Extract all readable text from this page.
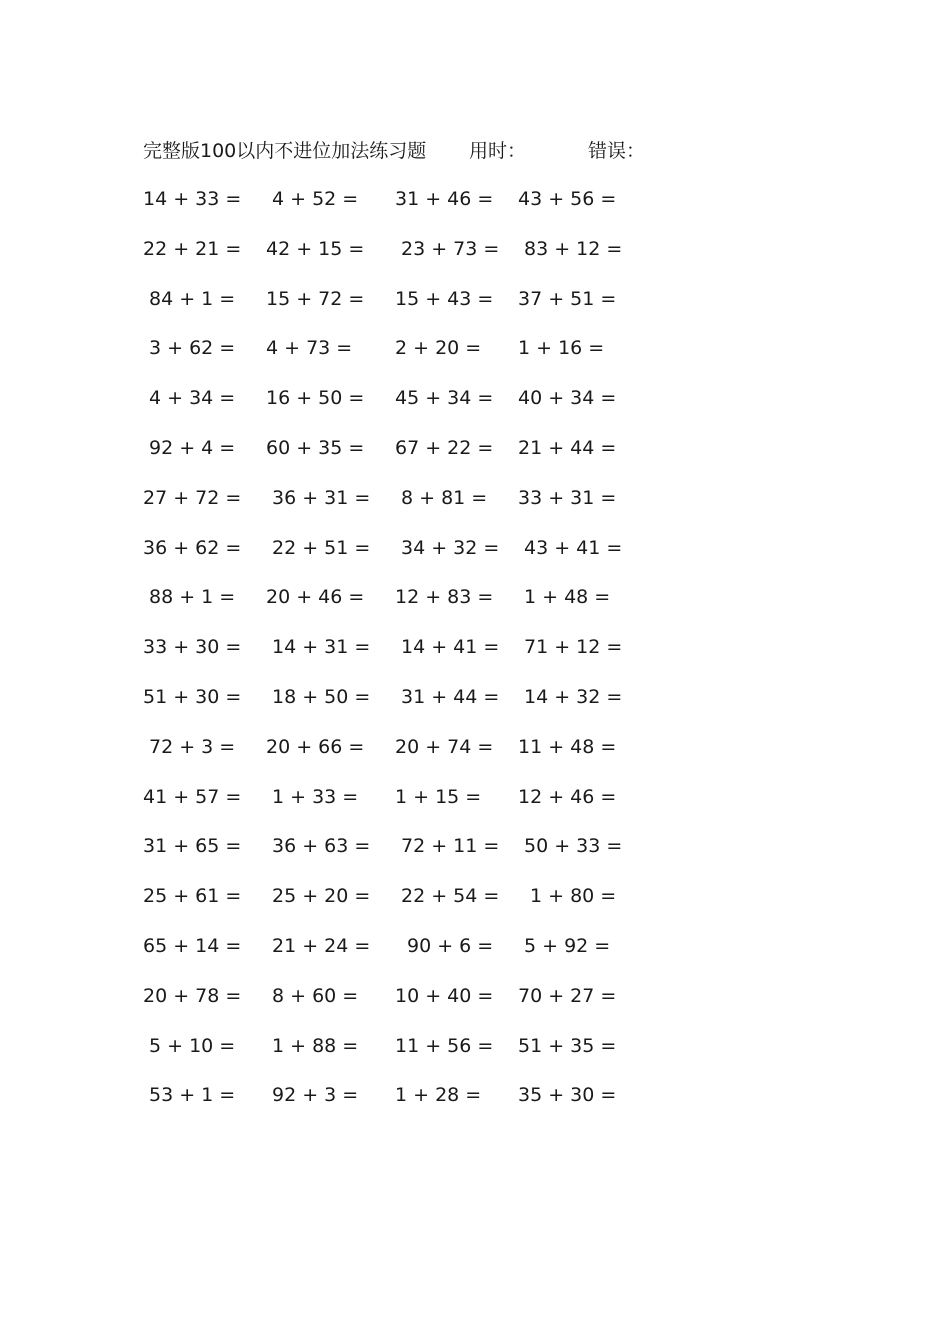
完整版100以内不进位加法练习题 用时：	错误：
14 + 33 = 4 + 52 = 31 + 46 = 43 + 56 =
22 + 21 = 42 + 15 = 23 + 73 = 83 + 12 =
84 + 1 = 15 + 72 = 15 + 43 = 37 + 51 =
3 + 62 = 4 + 73 = 2 + 20 = 1 + 16 =
4 + 34 = 16 + 50 = 45 + 34 = 40 + 34 =
92 + 4 = 60 + 35 = 67 + 22 = 21 + 44 =
27 + 72 = 36 + 31 = 8 + 81 = 33 + 31 =
36 + 62 = 22 + 51 = 34 + 32 = 43 + 41 =
88 + 1 = 20 + 46 = 12 + 83 = 1 + 48 =
33 + 30 = 14 + 31 = 14 + 41 = 71 + 12 =
51 + 30 = 18 + 50 = 31 + 44 = 14 + 32 =
72 + 3 = 20 + 66 = 20 + 74 = 11 + 48 =
41 + 57 = 1 + 33 = 1 + 15 = 12 + 46 =
31 + 65 = 36 + 63 = 72 + 11 = 50 + 33 =
25 + 61 = 25 + 20 = 22 + 54 = 1 + 80 =
65 + 14 = 21 + 24 = 90 + 6 = 5 + 92 =
20 + 78 = 8 + 60 = 10 + 40 = 70 + 27 =
5 + 10 = 1 + 88 = 11 + 56 = 51 + 35 =
53 + 1 = 92 + 3 = 1 + 28 = 35 + 30 =
